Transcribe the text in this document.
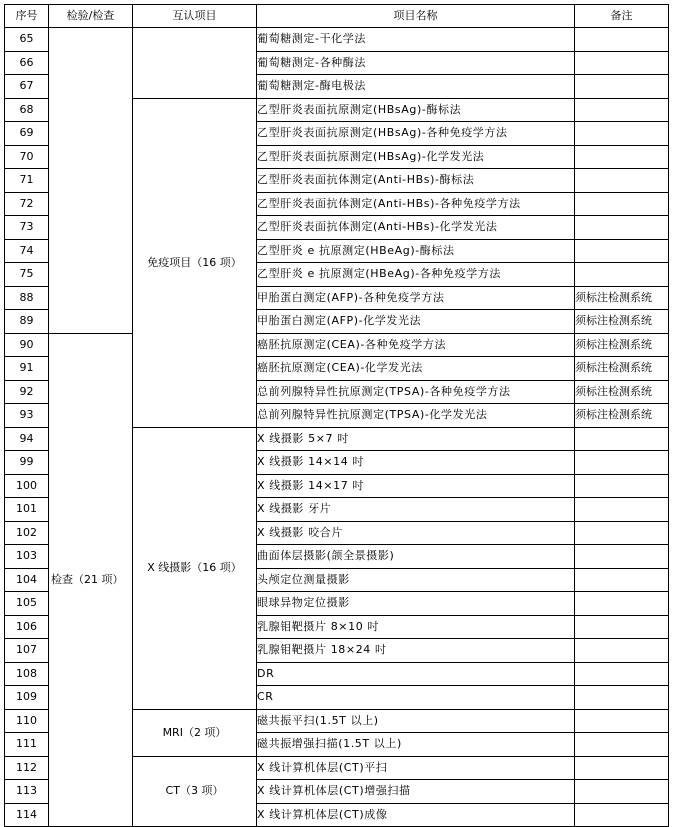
序号	检验/检查	互认项目	项目名称	备注
65			葡萄糖测定-干化学法	
66			葡萄糖测定-各种酶法	
67			葡萄糖测定-酶电极法	
68		免疫项目（16 项）	乙型肝炎表面抗原测定(HBsAg)-酶标法	
69			乙型肝炎表面抗原测定(HBsAg)-各种免疫学方法	
70			乙型肝炎表面抗原测定(HBsAg)-化学发光法	
71			乙型肝炎表面抗体测定(Anti-HBs)-酶标法	
72			乙型肝炎表面抗体测定(Anti-HBs)-各种免疫学方法	
73			乙型肝炎表面抗体测定(Anti-HBs)-化学发光法	
74			乙型肝炎 e 抗原测定(HBeAg)-酶标法	
75			乙型肝炎 e 抗原测定(HBeAg)-各种免疫学方法	
88			甲胎蛋白测定(AFP)-各种免疫学方法	须标注检测系统
89			甲胎蛋白测定(AFP)-化学发光法	须标注检测系统
90	检查（21 项）		癌胚抗原测定(CEA)-各种免疫学方法	须标注检测系统
91			癌胚抗原测定(CEA)-化学发光法	须标注检测系统
92			总前列腺特异性抗原测定(TPSA)-各种免疫学方法	须标注检测系统
93			总前列腺特异性抗原测定(TPSA)-化学发光法	须标注检测系统
94		X 线摄影（16 项）	X 线摄影 5×7 吋	
99			X 线摄影 14×14 吋	
100			X 线摄影 14×17 吋	
101			X 线摄影 牙片	
102			X 线摄影 咬合片	
103			曲面体层摄影(颌全景摄影)	
104			头颅定位测量摄影	
105			眼球异物定位摄影	
106			乳腺钼靶摄片 8×10 吋	
107			乳腺钼靶摄片 18×24 吋	
108			DR	
109			CR	
110		MRI（2 项）	磁共振平扫(1.5T 以上)	
111			磁共振增强扫描(1.5T 以上)	
112		CT（3 项）	X 线计算机体层(CT)平扫	
113			X 线计算机体层(CT)增强扫描	
114			X 线计算机体层(CT)成像	
